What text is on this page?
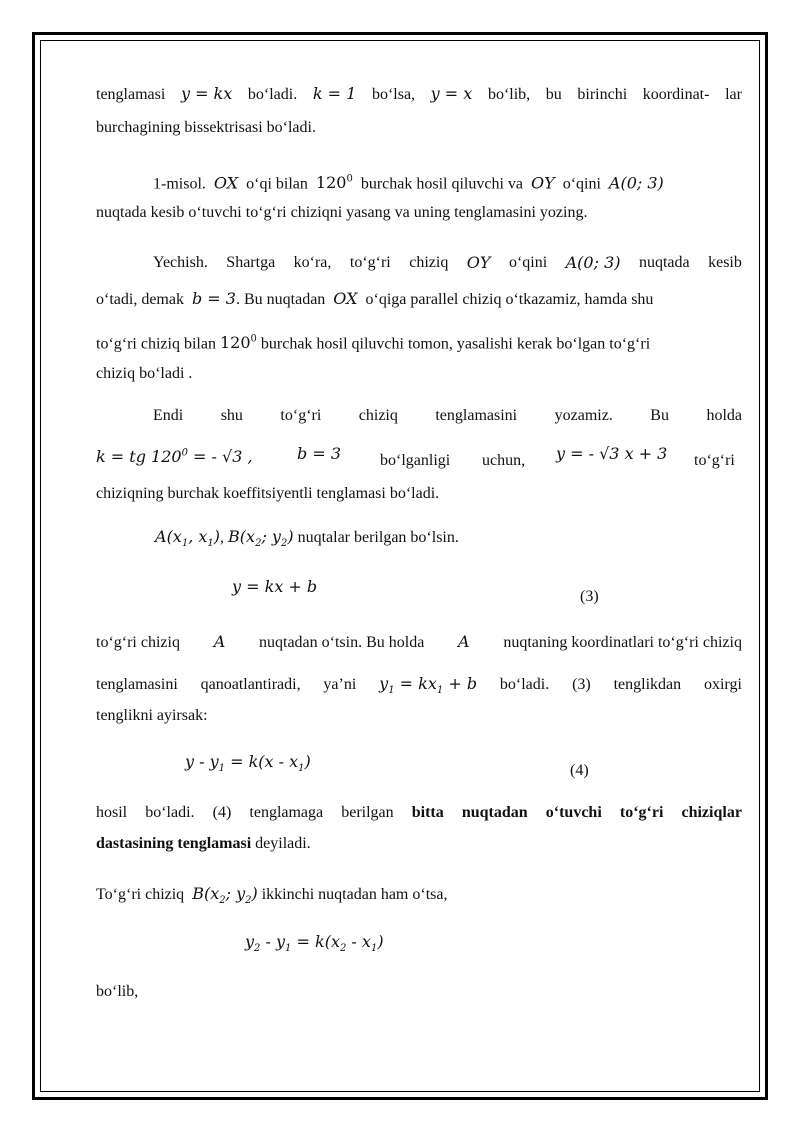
tenglamasi y = kx bo‘ladi. k = 1 bo‘lsa, y = x bo‘lib, bu birinchi koordinat- lar
burchagining bissektrisasi bo‘ladi.
1-misol. OX o‘qi bilan $120^0$ burchak hosil qiluvchi va OY o‘qini A(0; 3)
nuqtada kesib o‘tuvchi to‘g‘ri chiziqni yasang va uning tenglamasini yozing.
Yechish. Shartga ko‘ra, to‘g‘ri chiziq OY o‘qini A(0; 3) nuqtada kesib
o‘tadi, demak b = 3. Bu nuqtadan OX o‘qiga parallel chiziq o‘tkazamiz, hamda shu
to‘g‘ri chiziq bilan $120^0$ burchak hosil qiluvchi tomon, yasalishi kerak bo‘lgan to‘g‘ri
chiziq bo‘ladi .
Endi shu to‘g‘ri chiziq tenglamasini yozamiz. Bu holda
k = tg $120^0$ = - √3 ,	b = 3 bo‘lganligi uchun, y = - √3 x + 3 to‘g‘ri
chiziqning burchak koeffitsiyentli tenglamasi bo‘ladi.
$A(x_1$, $x_1$), $B(x_2$; $y_2$) nuqtalar berilgan bo‘lsin.
y = kx + b
(3)
to‘g‘ri chiziq A nuqtadan o‘tsin. Bu holda A nuqtaning koordinatlari to‘g‘ri chiziq
tenglamasini qanoatlantiradi, ya’ni $y_1 = kx_1 + b$ bo‘ladi. (3) tenglikdan oxirgi
tenglikni ayirsak:
$y - y_1 = k(x - x_1)$	(4)
hosil bo‘ladi. (4) tenglamaga berilgan bitta nuqtadan o‘tuvchi to‘g‘ri chiziqlar
dastasining tenglamasi deyiladi.
To‘g‘ri chiziq $B(x_2$; $y_2$) ikkinchi nuqtadan ham o‘tsa,
$y_2 - y_1 = k(x_2 - x_1)$
bo‘lib,
